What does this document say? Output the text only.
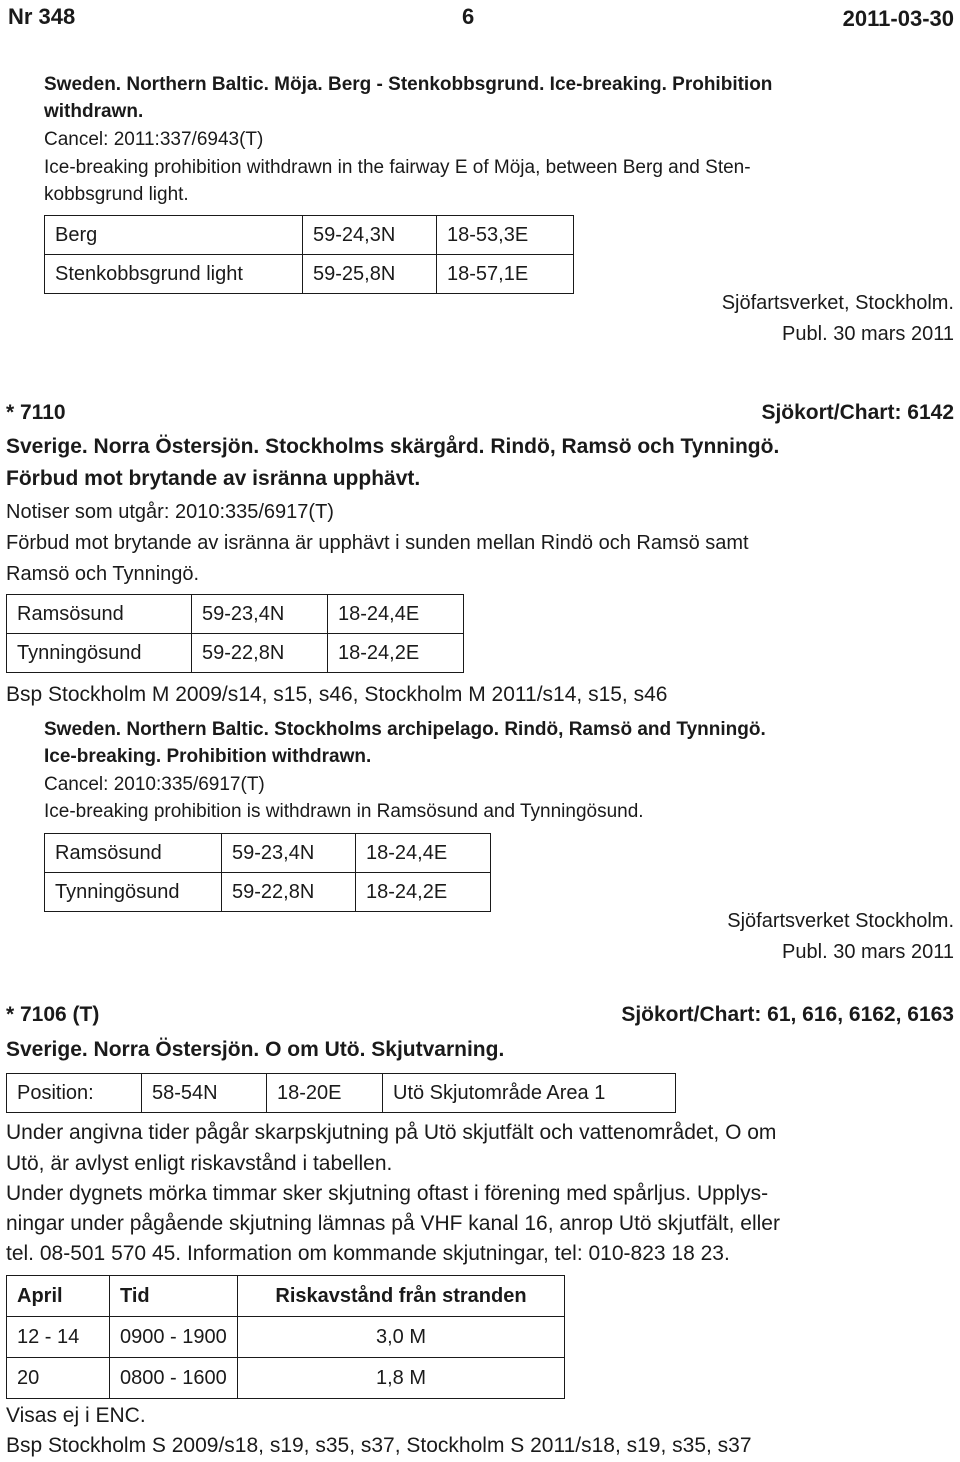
Nr 348	6	2011-03-30
Sweden. Northern Baltic. Möja. Berg - Stenkobbsgrund. Ice-breaking. Prohibition
withdrawn.
Cancel: 2011:337/6943(T)
Ice-breaking prohibition withdrawn in the fairway E of Möja, between Berg and Sten-
kobbsgrund light.
Berg	59-24,3N	18-53,3E
Stenkobbsgrund light	59-25,8N	18-57,1E
Sjöfartsverket, Stockholm.
Publ. 30 mars 2011
* 7110	Sjökort/Chart: 6142
Sverige. Norra Östersjön. Stockholms skärgård. Rindö, Ramsö och Tynningö.
Förbud mot brytande av isränna upphävt.
Notiser som utgår: 2010:335/6917(T)
Förbud mot brytande av isränna är upphävt i sunden mellan Rindö och Ramsö samt
Ramsö och Tynningö.
Ramsösund	59-23,4N	18-24,4E
Tynningösund	59-22,8N	18-24,2E
Bsp Stockholm M 2009/s14, s15, s46, Stockholm M 2011/s14, s15, s46
Sweden. Northern Baltic. Stockholms archipelago. Rindö, Ramsö and Tynningö.
Ice-breaking. Prohibition withdrawn.
Cancel: 2010:335/6917(T)
Ice-breaking prohibition is withdrawn in Ramsösund and Tynningösund.
Ramsösund	59-23,4N	18-24,4E
Tynningösund	59-22,8N	18-24,2E
Sjöfartsverket Stockholm.
Publ. 30 mars 2011
* 7106 (T)	Sjökort/Chart: 61, 616, 6162, 6163
Sverige. Norra Östersjön. O om Utö. Skjutvarning.
Position:	58-54N	18-20E	Utö Skjutområde Area 1
Under angivna tider pågår skarpskjutning på Utö skjutfält och vattenområdet, O om
Utö, är avlyst enligt riskavstånd i tabellen.
Under dygnets mörka timmar sker skjutning oftast i förening med spårljus. Upplys-
ningar under pågående skjutning lämnas på VHF kanal 16, anrop Utö skjutfält, eller
tel. 08-501 570 45. Information om kommande skjutningar, tel: 010-823 18 23.
April	Tid	Riskavstånd från stranden
12 - 14	0900 - 1900	3,0 M
20	0800 - 1600	1,8 M
Visas ej i ENC.
Bsp Stockholm S 2009/s18, s19, s35, s37, Stockholm S 2011/s18, s19, s35, s37
